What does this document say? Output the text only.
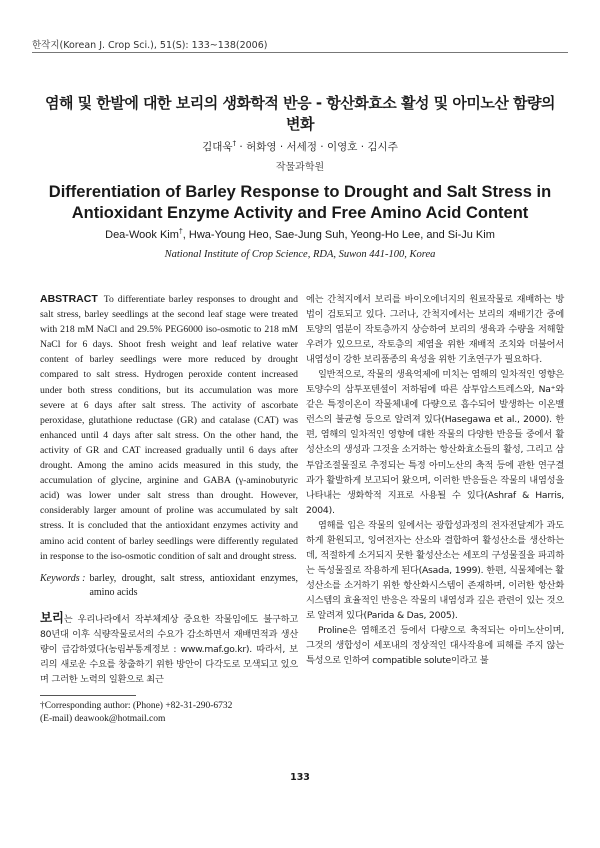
한작지(Korean J. Crop Sci.), 51(S): 133~138(2006)
염해 및 한발에 대한 보리의 생화학적 반응 - 항산화효소 활성 및 아미노산 함량의 변화
김대욱† · 허화영 · 서세정 · 이영호 · 김시주
작물과학원
Differentiation of Barley Response to Drought and Salt Stress in Antioxidant Enzyme Activity and Free Amino Acid Content
Dea-Wook Kim†, Hwa-Young Heo, Sae-Jung Suh, Yeong-Ho Lee, and Si-Ju Kim
National Institute of Crop Science, RDA, Suwon 441-100, Korea
ABSTRACT To differentiate barley responses to drought and salt stress, barley seedlings at the second leaf stage were treated with 218 mM NaCl and 29.5% PEG6000 iso-osmotic to 218 mM NaCl for 6 days. Shoot fresh weight and leaf relative water content of barley seedlings were more reduced by drought compared to salt stress. Hydrogen peroxide content increased under both stress conditions, but its accumulation was more severe at 6 days after salt stress. The activity of ascorbate peroxidase, glutathione reductase (GR) and catalase (CAT) was enhanced until 4 days after salt stress. On the other hand, the activity of GR and CAT increased gradually until 6 days after drought. Among the amino acids measured in this study, the accumulation of glycine, arginine and GABA (γ-aminobutyric acid) was lower under salt stress than drought. However, considerably larger amount of proline was accumulated by salt stress. It is concluded that the antioxidant enzymes activity and amino acid content of barley seedlings were differently regulated in response to the iso-osmotic condition of salt and drought stress.
Keywords : barley, drought, salt stress, antioxidant enzymes, amino acids
보리는 우리나라에서 작부체계상 중요한 작물임에도 불구하고 80년대 이후 식량작물로서의 수요가 감소하면서 재배면적과 생산량이 급감하였다(농림부통계정보 : www.maf.go.kr). 따라서, 보리의 새로운 수요를 창출하기 위한 방안이 다각도로 모색되고 있으며 그러한 노력의 일환으로 최근

에는 간척지에서 보리를 바이오에너지의 원료작물로 재배하는 방법이 검토되고 있다. 그러나, 간척지에서는 보리의 재배기간 중에 토양의 염분이 작토층까지 상승하여 보리의 생육과 수량을 저해할 우려가 있으므로, 작토층의 제염을 위한 재배적 조치와 더불어서 내염성이 강한 보리품종의 육성을 위한 기초연구가 필요하다.

일반적으로, 작물의 생육억제에 미치는 염해의 일차적인 영향은 토양수의 삼투포텐셜이 저하됨에 따른 삼투압스트레스와, Na⁺와 같은 특정이온이 작물체내에 다량으로 흡수되어 발생하는 이온밸런스의 불균형 등으로 알려져 있다(Hasegawa et al., 2000). 한편, 염해의 일차적인 영향에 대한 작물의 다양한 반응들 중에서 활성산소의 생성과 그것을 소거하는 항산화효소들의 활성, 그리고 삼투압조절물질로 추정되는 특정 아미노산의 축적 등에 관한 연구결과가 활발하게 보고되어 왔으며, 이러한 반응들은 작물의 내염성을 나타내는 생화학적 지표로 사용될 수 있다(Ashraf & Harris, 2004).

염해를 입은 작물의 잎에서는 광합성과정의 전자전달계가 과도하게 환원되고, 잉여전자는 산소와 결합하여 활성산소를 생산하는데, 적절하게 소거되지 못한 활성산소는 세포의 구성물질을 파괴하는 독성물질로 작용하게 된다(Asada, 1999). 한편, 식물체에는 활성산소를 소거하기 위한 항산화시스템이 존재하며, 이러한 항산화시스템의 효율적인 반응은 작물의 내염성과 깊은 관련이 있는 것으로 알려져 있다(Parida & Das, 2005).

Proline은 염해조건 등에서 다량으로 축적되는 아미노산이며, 그것의 생합성이 세포내의 정상적인 대사작용에 피해를 주지 않는 특성으로 인하여 compatible solute이라고 불

†Corresponding author: (Phone) +82-31-290-6732
(E-mail) deawook@hotmail.com
133
